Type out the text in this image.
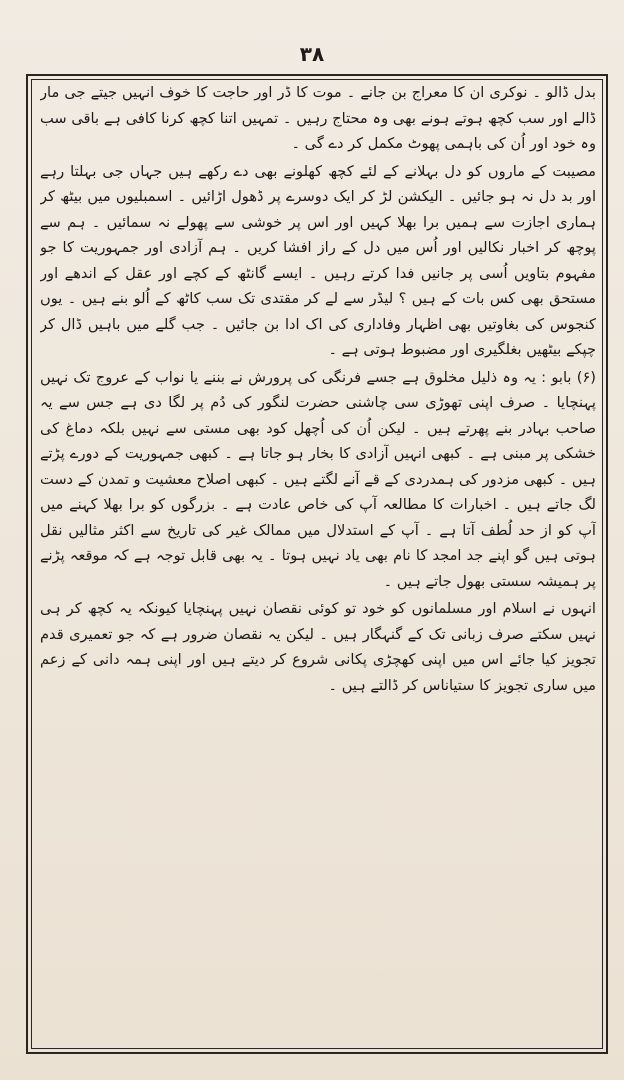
۳۸

بدل ڈالو ۔ نوکری ان کا معراج بن جانے ۔ موت کا ڈر اور حاجت کا خوف انہیں جیتے جی مار ڈالے اور سب کچھ ہوتے ہونے بھی وہ محتاج رہیں ۔ تمہیں اتنا کچھ کرنا کافی ہے باقی سب وہ خود اور اُن کی باہمی پھوٹ مکمل کر دے گی ۔

مصیبت کے ماروں کو دل بہلانے کے لئے کچھ کھلونے بھی دے رکھے ہیں جہاں جی بہلتا رہے اور بد دل نہ ہو جائیں ۔ الیکشن لڑ کر ایک دوسرے پر ڈھول اڑائیں ۔ اسمبلیوں میں بیٹھ کر ہماری اجازت سے ہمیں برا بھلا کہیں اور اس پر خوشی سے پھولے نہ سمائیں ۔ ہم سے پوچھ کر اخبار نکالیں اور اُس میں دل کے راز افشا کریں ۔ ہم آزادی اور جمہوریت کا جو مفہوم بتاویں اُسی پر جانیں فدا کرتے رہیں ۔ ایسے گانٹھ کے کچے اور عقل کے اندھے اور مستحق بھی کس بات کے ہیں ؟ لیڈر سے لے کر مقتدی تک سب کاٹھ کے اُلو بنے ہیں ۔ یوں کنجوس کی بغاوتیں بھی اظہار وفاداری کی اک ادا بن جائیں ۔ جب گلے میں باہیں ڈال کر چپکے بیٹھیں بغلگیری اور مضبوط ہوتی ہے ۔

(۶) بابو : یہ وہ ذلیل مخلوق ہے جسے فرنگی کی پرورش نے بننے یا نواب کے عروج تک نہیں پہنچایا ۔ صرف اپنی تھوڑی سی چاشنی حضرت لنگور کی دُم پر لگا دی ہے جس سے یہ صاحب بہادر بنے پھرتے ہیں ۔ لیکن اُن کی اُچھل کود بھی مستی سے نہیں بلکہ دماغ کی خشکی پر مبنی ہے ۔ کبھی انہیں آزادی کا بخار ہو جاتا ہے ۔ کبھی جمہوریت کے دورے پڑتے ہیں ۔ کبھی مزدور کی ہمدردی کے قے آنے لگتے ہیں ۔ کبھی اصلاح معشیت و تمدن کے دست لگ جاتے ہیں ۔ اخبارات کا مطالعہ آپ کی خاص عادت ہے ۔ بزرگوں کو برا بھلا کہنے میں آپ کو از حد لُطف آتا ہے ۔ آپ کے استدلال میں ممالک غیر کی تاریخ سے اکثر مثالیں نقل ہوتی ہیں گو اپنے جد امجد کا نام بھی یاد نہیں ہوتا ۔ یہ بھی قابل توجہ ہے کہ موقعہ پڑنے پر ہمیشہ سستی بھول جاتے ہیں ۔

انہوں نے اسلام اور مسلمانوں کو خود تو کوئی نقصان نہیں پہنچایا کیونکہ یہ کچھ کر ہی نہیں سکتے صرف زبانی تک کے گنہگار ہیں ۔ لیکن یہ نقصان ضرور ہے کہ جو تعمیری قدم تجویز کیا جائے اس میں اپنی کھچڑی پکانی شروع کر دیتے ہیں اور اپنی ہمہ دانی کے زعم میں ساری تجویز کا ستیاناس کر ڈالتے ہیں ۔
